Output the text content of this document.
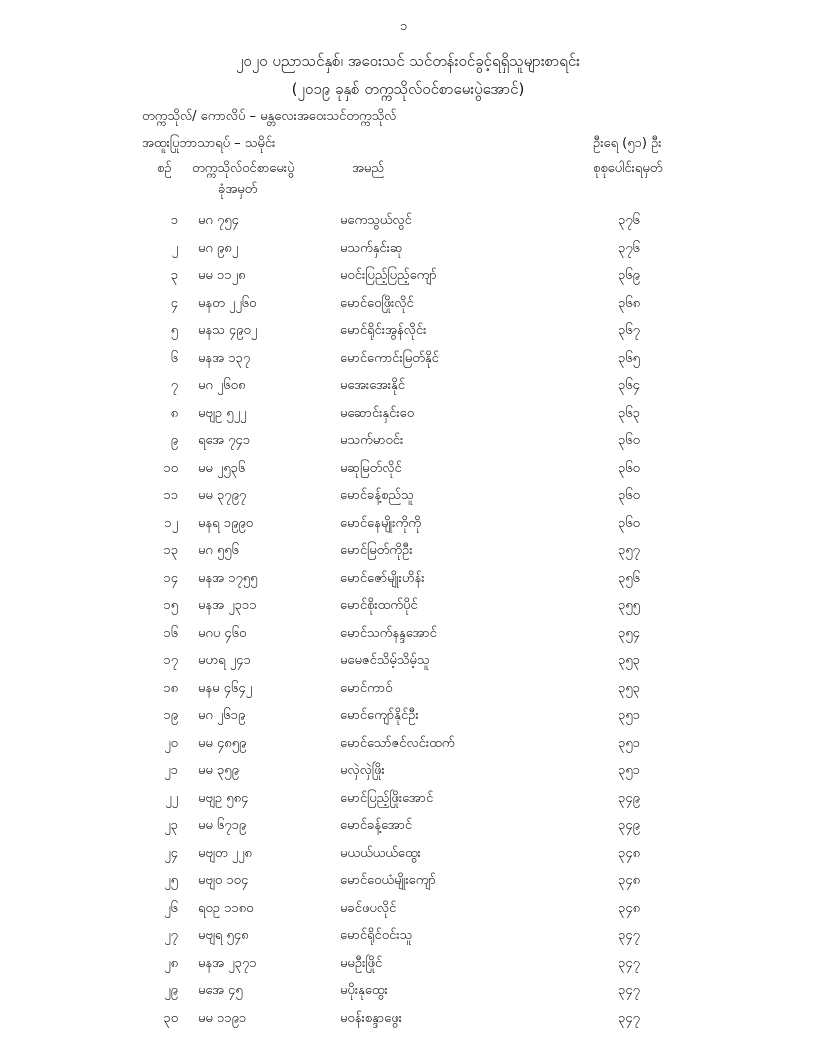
၁
၂၀၂၀ ပညာသင်နှစ်၊ အဝေးသင် သင်တန်းဝင်ခွင့်ရရှိသူများစာရင်း
(၂၀၁၉ ခုနှစ် တက္ကသိုလ်ဝင်စာမေးပွဲအောင်)
တက္ကသိုလ်/ ကောလိပ် – မန္တလေးအဝေးသင်တက္ကသိုလ်
အထူးပြုဘာသာရပ် – သမိုင်း	ဦးရေ (၅၁) ဦး
စဉ် တက္ကသိုလ်ဝင်စာမေးပွဲ
ခုံအမှတ်
အမည်	စုစုပေါင်းရမှတ်
၁ မဂ ၇၅၄	မကေသွယ်လွင်	၃၇၆
၂ မဂ ၉၈၂	မသက်နှင်းဆု	၃၇၆
၃ မမ ၁၁၂၈	မဝင်းပြည့်ပြည့်ကျော်	၃၆၉
၄ မနတ ၂၂၆၀	မောင်ဝေဖြိုးလိုင်	၃၆၈
၅ မနသ ၄၉၀၂	မောင်ရိုင်းအွန်လိုင်း	၃၆၇
၆ မနအ ၁၃၇	မောင်ကောင်းမြတ်နိုင်	၃၆၅
၇ မဂ ၂၆၀၈	မအေးအေးနိုင်	၃၆၄
၈ မဗျဥ ၅၂၂	မဆောင်းနှင်းဝေ	၃၆၃
၉ ရအေ ၇၄၁	မသက်မာဝင်း	၃၆၀
၁၀ မမ ၂၅၃၆	မဆုမြတ်လိုင်	၃၆၀
၁၁ မမ ၃၇၉၇	မောင်ခန့်စည်သူ	၃၆၀
၁၂ မနရ ၁၉၉၀	မောင်နေမျိုးကိုကို	၃၆၀
၁၃ မဂ ၅၅၆	မောင်မြတ်ကိုဦး	၃၅၇
၁၄ မနအ ၁၇၅၅	မောင်ဇော်မျိုးဟိန်း	၃၅၆
၁၅ မနအ ၂၃၁၁	မောင်စိုးထက်ပိုင်	၃၅၅
၁၆ မဂပ ၄၆၀	မောင်သက်နန္ဒအောင်	၃၅၄
၁၇ မဟရ ၂၄၁	မမေဇင်သိမ့်သိမ့်သူ	၃၅၃
၁၈ မနမ ၄၆၄၂	မောင်ကာဝ်	၃၅၃
၁၉ မဂ ၂၆၁၉	မောင်ကျော်နိုင်ဦး	၃၅၁
၂၀ မမ ၄၈၅၉	မောင်သော်ဇင်လင်းထက်	၃၅၁
၂၁ မမ ၃၅၉	မလှဲလှဲဖြိုး	၃၅၁
၂၂ မဗျဥ ၅၈၄	မောင်ပြည့်ဖြိုးအောင်	၃၄၉
၂၃ မမ ၆၇၁၉	မောင်ခန့်အောင်	၃၄၉
၂၄ မဗျတ ၂၂၈	မယယ်ယယ်ထွေး	၃၄၈
၂၅ မဗျဝ ၁၀၄	မောင်ဝေယံမျိုးကျော်	၃၄၈
၂၆ ရဝဥ ၁၁၈၀	မခင်ဖပလိုင်	၃၄၈
၂၇ မဗျရ ၅၄၈	မောင်ရိုင်ဝင်းသူ	၃၄၇
၂၈ မနအ ၂၃၇၁	မမဦးဖြိုင်	၃၄၇
၂၉ မအေ ၄၅	မပိုးနုထွေး	၃၄၇
၃၀ မမ ၁၁၉၁	မဝန်းစန္ဒာဖွေး	၃၄၇
